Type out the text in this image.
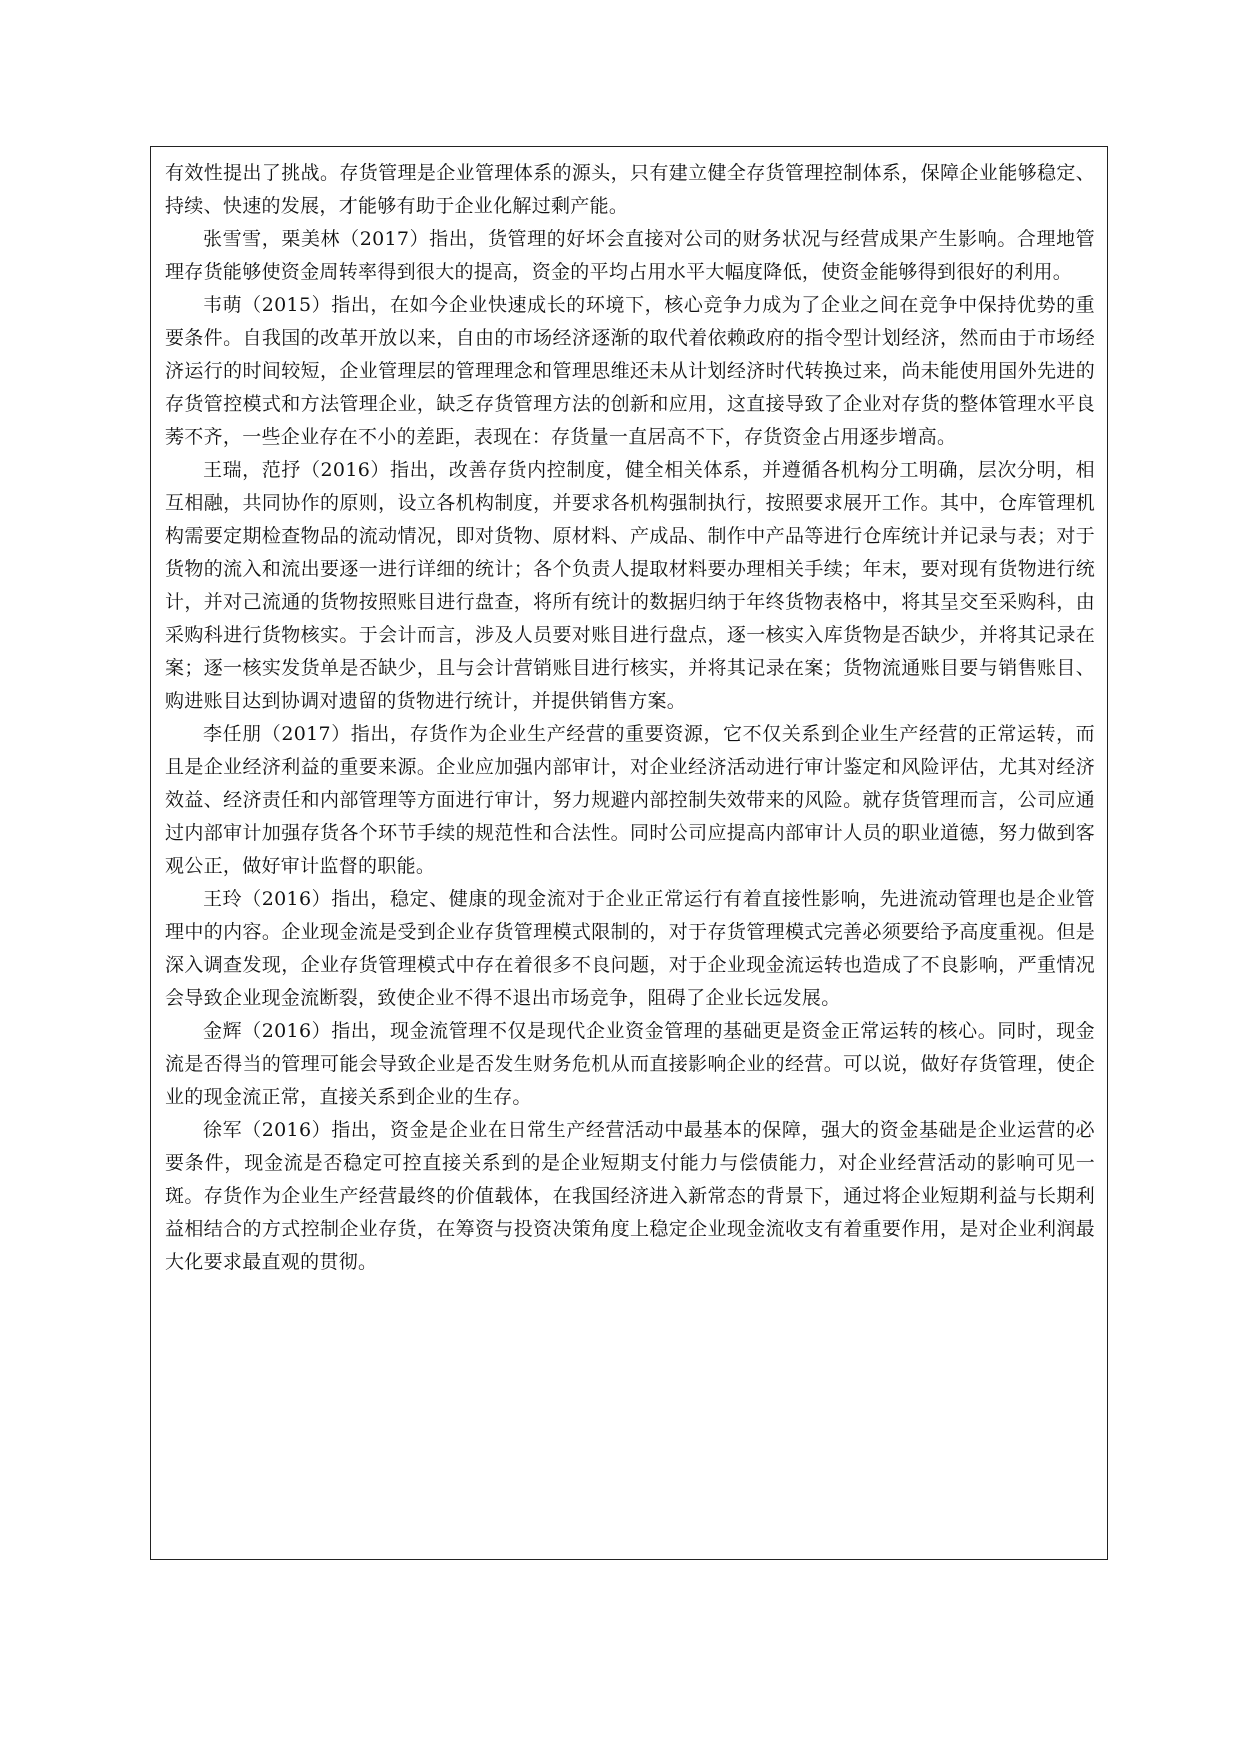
有效性提出了挑战。存货管理是企业管理体系的源头，只有建立健全存货管理控制体系，保障企业能够稳定、持续、快速的发展，才能够有助于企业化解过剩产能。

张雪雪，栗美林（2017）指出，货管理的好坏会直接对公司的财务状况与经营成果产生影响。合理地管理存货能够使资金周转率得到很大的提高，资金的平均占用水平大幅度降低，使资金能够得到很好的利用。

韦萌（2015）指出，在如今企业快速成长的环境下，核心竞争力成为了企业之间在竞争中保持优势的重要条件。自我国的改革开放以来，自由的市场经济逐渐的取代着依赖政府的指令型计划经济，然而由于市场经济运行的时间较短，企业管理层的管理理念和管理思维还未从计划经济时代转换过来，尚未能使用国外先进的存货管控模式和方法管理企业，缺乏存货管理方法的创新和应用，这直接导致了企业对存货的整体管理水平良莠不齐，一些企业存在不小的差距，表现在：存货量一直居高不下，存货资金占用逐步增高。

王瑞，范抒（2016）指出，改善存货内控制度，健全相关体系，并遵循各机构分工明确，层次分明，相互相融，共同协作的原则，设立各机构制度，并要求各机构强制执行，按照要求展开工作。其中，仓库管理机构需要定期检查物品的流动情况，即对货物、原材料、产成品、制作中产品等进行仓库统计并记录与表；对于货物的流入和流出要逐一进行详细的统计；各个负责人提取材料要办理相关手续；年末，要对现有货物进行统计，并对己流通的货物按照账目进行盘查，将所有统计的数据归纳于年终货物表格中，将其呈交至采购科，由采购科进行货物核实。于会计而言，涉及人员要对账目进行盘点，逐一核实入库货物是否缺少，并将其记录在案；逐一核实发货单是否缺少，且与会计营销账目进行核实，并将其记录在案；货物流通账目要与销售账目、购进账目达到协调对遗留的货物进行统计，并提供销售方案。

李任朋（2017）指出，存货作为企业生产经营的重要资源，它不仅关系到企业生产经营的正常运转，而且是企业经济利益的重要来源。企业应加强内部审计，对企业经济活动进行审计鉴定和风险评估，尤其对经济效益、经济责任和内部管理等方面进行审计，努力规避内部控制失效带来的风险。就存货管理而言，公司应通过内部审计加强存货各个环节手续的规范性和合法性。同时公司应提高内部审计人员的职业道德，努力做到客观公正，做好审计监督的职能。

王玲（2016）指出，稳定、健康的现金流对于企业正常运行有着直接性影响，先进流动管理也是企业管理中的内容。企业现金流是受到企业存货管理模式限制的，对于存货管理模式完善必须要给予高度重视。但是深入调查发现，企业存货管理模式中存在着很多不良问题，对于企业现金流运转也造成了不良影响，严重情况会导致企业现金流断裂，致使企业不得不退出市场竞争，阻碍了企业长远发展。

金辉（2016）指出，现金流管理不仅是现代企业资金管理的基础更是资金正常运转的核心。同时，现金流是否得当的管理可能会导致企业是否发生财务危机从而直接影响企业的经营。可以说，做好存货管理，使企业的现金流正常，直接关系到企业的生存。

徐军（2016）指出，资金是企业在日常生产经营活动中最基本的保障，强大的资金基础是企业运营的必要条件，现金流是否稳定可控直接关系到的是企业短期支付能力与偿债能力，对企业经营活动的影响可见一斑。存货作为企业生产经营最终的价值载体，在我国经济进入新常态的背景下，通过将企业短期利益与长期利益相结合的方式控制企业存货，在筹资与投资决策角度上稳定企业现金流收支有着重要作用，是对企业利润最大化要求最直观的贯彻。
